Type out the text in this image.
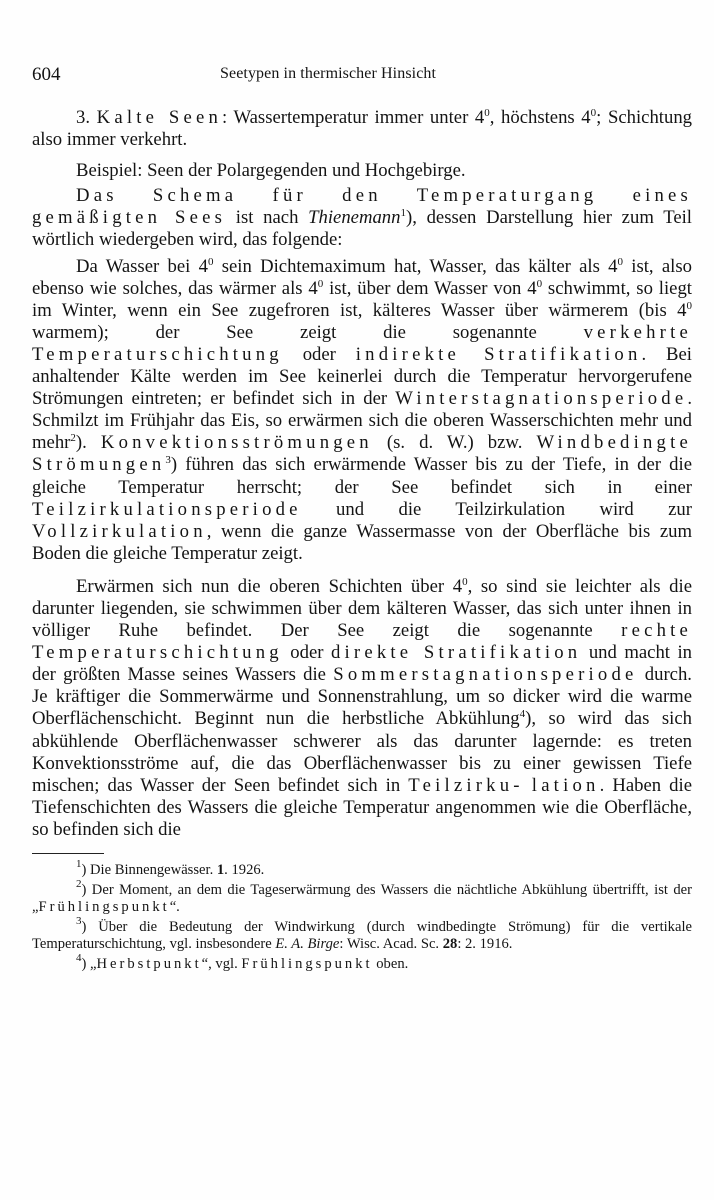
604	Seetypen in thermischer Hinsicht

3. Kalte Seen: Wassertemperatur immer unter $4^0$, höchstens $4^0$; Schichtung also immer verkehrt.

Beispiel: Seen der Polargegenden und Hochgebirge.

Das Schema für den Temperaturgang eines gemäßigten Sees ist nach Thienemann$^1$), dessen Darstellung hier zum Teil wörtlich wiedergeben wird, das folgende:

Da Wasser bei $4^0$ sein Dichtemaximum hat, Wasser, das kälter als $4^0$ ist, also ebenso wie solches, das wärmer als $4^0$ ist, über dem Wasser von $4^0$ schwimmt, so liegt im Winter, wenn ein See zugefroren ist, kälteres Wasser über wärmerem (bis $4^0$ warmem); der See zeigt die sogenannte verkehrte Temperaturschichtung oder indirekte Stratifikation. Bei anhaltender Kälte werden im See keinerlei durch die Temperatur hervorgerufene Strömungen eintreten; er befindet sich in der Winterstagnationsperiode. Schmilzt im Frühjahr das Eis, so erwärmen sich die oberen Wasserschichten mehr und mehr$^2$). Konvektionsströmungen (s. d. W.) bzw. Windbedingte Strömungen$^3$) führen das sich erwärmende Wasser bis zu der Tiefe, in der die gleiche Temperatur herrscht; der See befindet sich in einer Teilzirkulationsperiode und die Teilzirkulation wird zur Vollzirkulation, wenn die ganze Wassermasse von der Oberfläche bis zum Boden die gleiche Temperatur zeigt.

Erwärmen sich nun die oberen Schichten über $4^0$, so sind sie leichter als die darunter liegenden, sie schwimmen über dem kälteren Wasser, das sich unter ihnen in völliger Ruhe befindet. Der See zeigt die sogenannte rechte Temperaturschichtung oder direkte Stratifikation und macht in der größten Masse seines Wassers die Sommerstagnationsperiode durch. Je kräftiger die Sommerwärme und Sonnenstrahlung, um so dicker wird die warme Oberflächenschicht. Beginnt nun die herbstliche Abkühlung$^4$), so wird das sich abkühlende Oberflächenwasser schwerer als das darunter lagernde: es treten Konvektionsströme auf, die das Oberflächenwasser bis zu einer gewissen Tiefe mischen; das Wasser der Seen befindet sich in Teilzirku- lation. Haben die Tiefenschichten des Wassers die gleiche Temperatur angenommen wie die Oberfläche, so befinden sich die

$^1$) Die Binnengewässer. 1. 1926.

$^2$) Der Moment, an dem die Tageserwärmung des Wassers die nächtliche Abkühlung übertrifft, ist der „Frühlingspunkt“.

$^3$) Über die Bedeutung der Windwirkung (durch windbedingte Strömung) für die vertikale Temperaturschichtung, vgl. insbesondere E. A. Birge: Wisc. Acad. Sc. 28: 2. 1916.

$^4$) „Herbstpunkt“, vgl. Frühlingspunkt oben.
